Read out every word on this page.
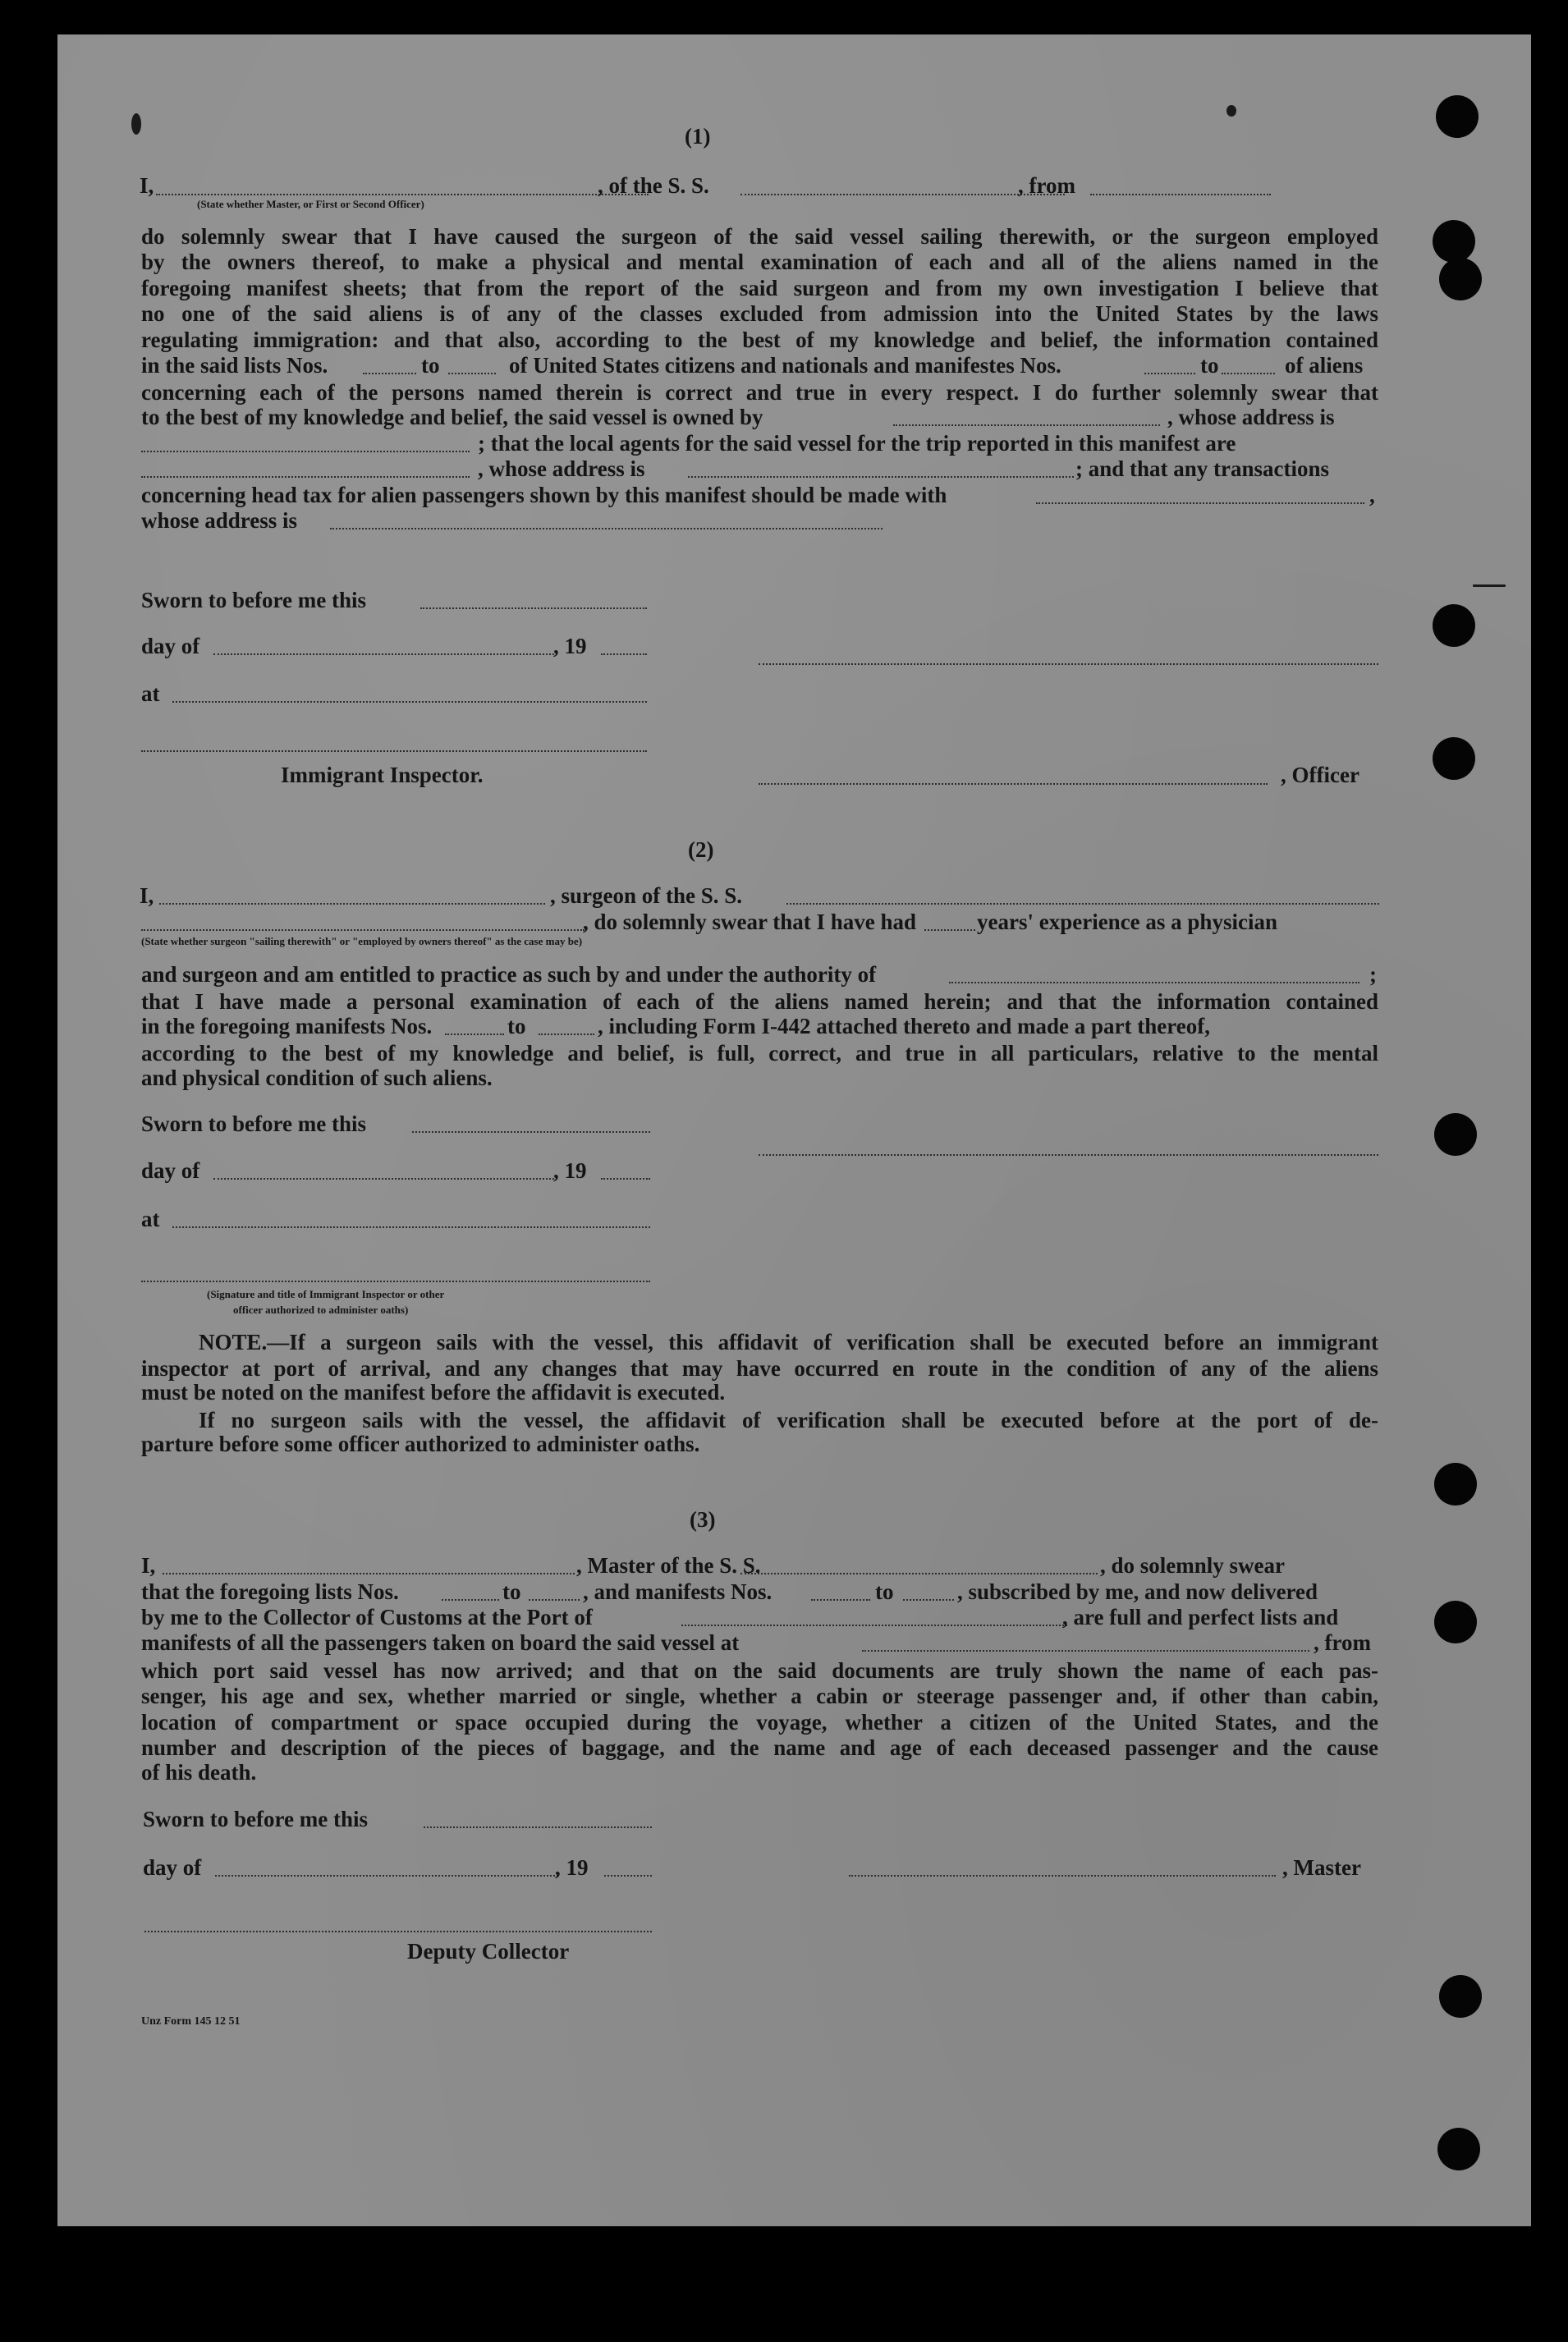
(1)
I,
(State whether Master, or First or Second Officer)
, of the S. S.	, from
do solemnly swear that I have caused the surgeon of the said vessel sailing therewith, or the surgeon employed
by the owners thereof, to make a physical and mental examination of each and all of the aliens named in the
foregoing manifest sheets; that from the report of the said surgeon and from my own investigation I believe that
no one of the said aliens is of any of the classes excluded from admission into the United States by the laws
regulating immigration: and that also, according to the best of my knowledge and belief, the information contained
in the said lists Nos.	to	of United States citizens and nationals and manifestes Nos.	to	of aliens
concerning each of the persons named therein is correct and true in every respect. I do further solemnly swear that
to the best of my knowledge and belief, the said vessel is owned by	, whose address is
; that the local agents for the said vessel for the trip reported in this manifest are
, whose address is	; and that any transactions
concerning head tax for alien passengers shown by this manifest should be made with	,
whose address is
Sworn to before me this
day of	, 19
at
Immigrant Inspector.	, Officer
(2)
I,	, surgeon of the S. S.
, do solemnly swear that I have had	years' experience as a physician
(State whether surgeon "sailing therewith" or "employed by owners thereof" as the case may be)
and surgeon and am entitled to practice as such by and under the authority of	;
that I have made a personal examination of each of the aliens named herein; and that the information contained
in the foregoing manifests Nos.	to	, including Form I-442 attached thereto and made a part thereof,
according to the best of my knowledge and belief, is full, correct, and true in all particulars, relative to the mental
and physical condition of such aliens.
Sworn to before me this
day of	, 19
at
(Signature and title of Immigrant Inspector or other
officer authorized to administer oaths)
NOTE.—If a surgeon sails with the vessel, this affidavit of verification shall be executed before an immigrant
inspector at port of arrival, and any changes that may have occurred en route in the condition of any of the aliens
must be noted on the manifest before the affidavit is executed.
If no surgeon sails with the vessel, the affidavit of verification shall be executed before at the port of de-
parture before some officer authorized to administer oaths.
(3)
I,	, Master of the S. S.	, do solemnly swear
that the foregoing lists Nos.	to	, and manifests Nos.	to	, subscribed by me, and now delivered
by me to the Collector of Customs at the Port of	, are full and perfect lists and
manifests of all the passengers taken on board the said vessel at	, from
which port said vessel has now arrived; and that on the said documents are truly shown the name of each pas-
senger, his age and sex, whether married or single, whether a cabin or steerage passenger and, if other than cabin,
location of compartment or space occupied during the voyage, whether a citizen of the United States, and the
number and description of the pieces of baggage, and the name and age of each deceased passenger and the cause
of his death.
Sworn to before me this
day of	, 19	, Master
Deputy Collector
Unz Form 145 12 51
